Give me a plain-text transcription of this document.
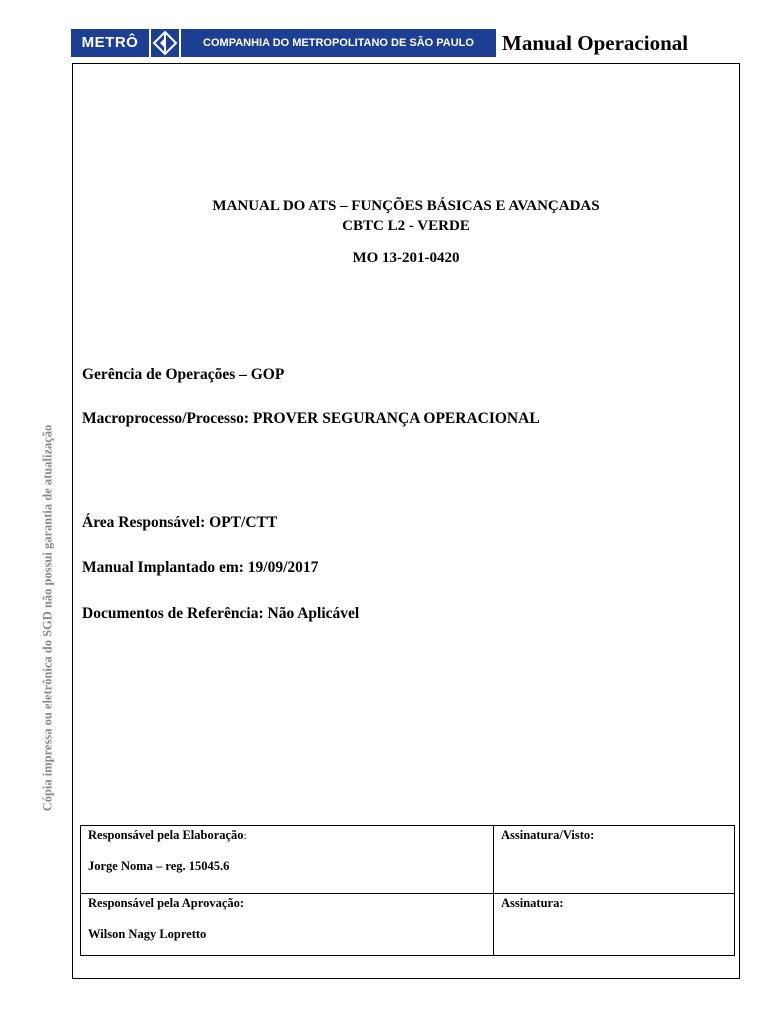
METRÔ	COMPANHIA DO METROPOLITANO DE SÃO PAULO	Manual Operacional
Cópia impressa ou eletrônica do SGD não possui garantia de atualização
MANUAL DO ATS – FUNÇÕES BÁSICAS E AVANÇADAS
CBTC L2 - VERDE
MO 13-201-0420
Gerência de Operações – GOP
Macroprocesso/Processo: PROVER SEGURANÇA OPERACIONAL
Área Responsável: OPT/CTT
Manual Implantado em: 19/09/2017
Documentos de Referência: Não Aplicável
Responsável pela Elaboração:
Jorge Noma – reg. 15045.6	Assinatura/Visto:

Responsável pela Aprovação:
Wilson Nagy Lopretto	Assinatura:
